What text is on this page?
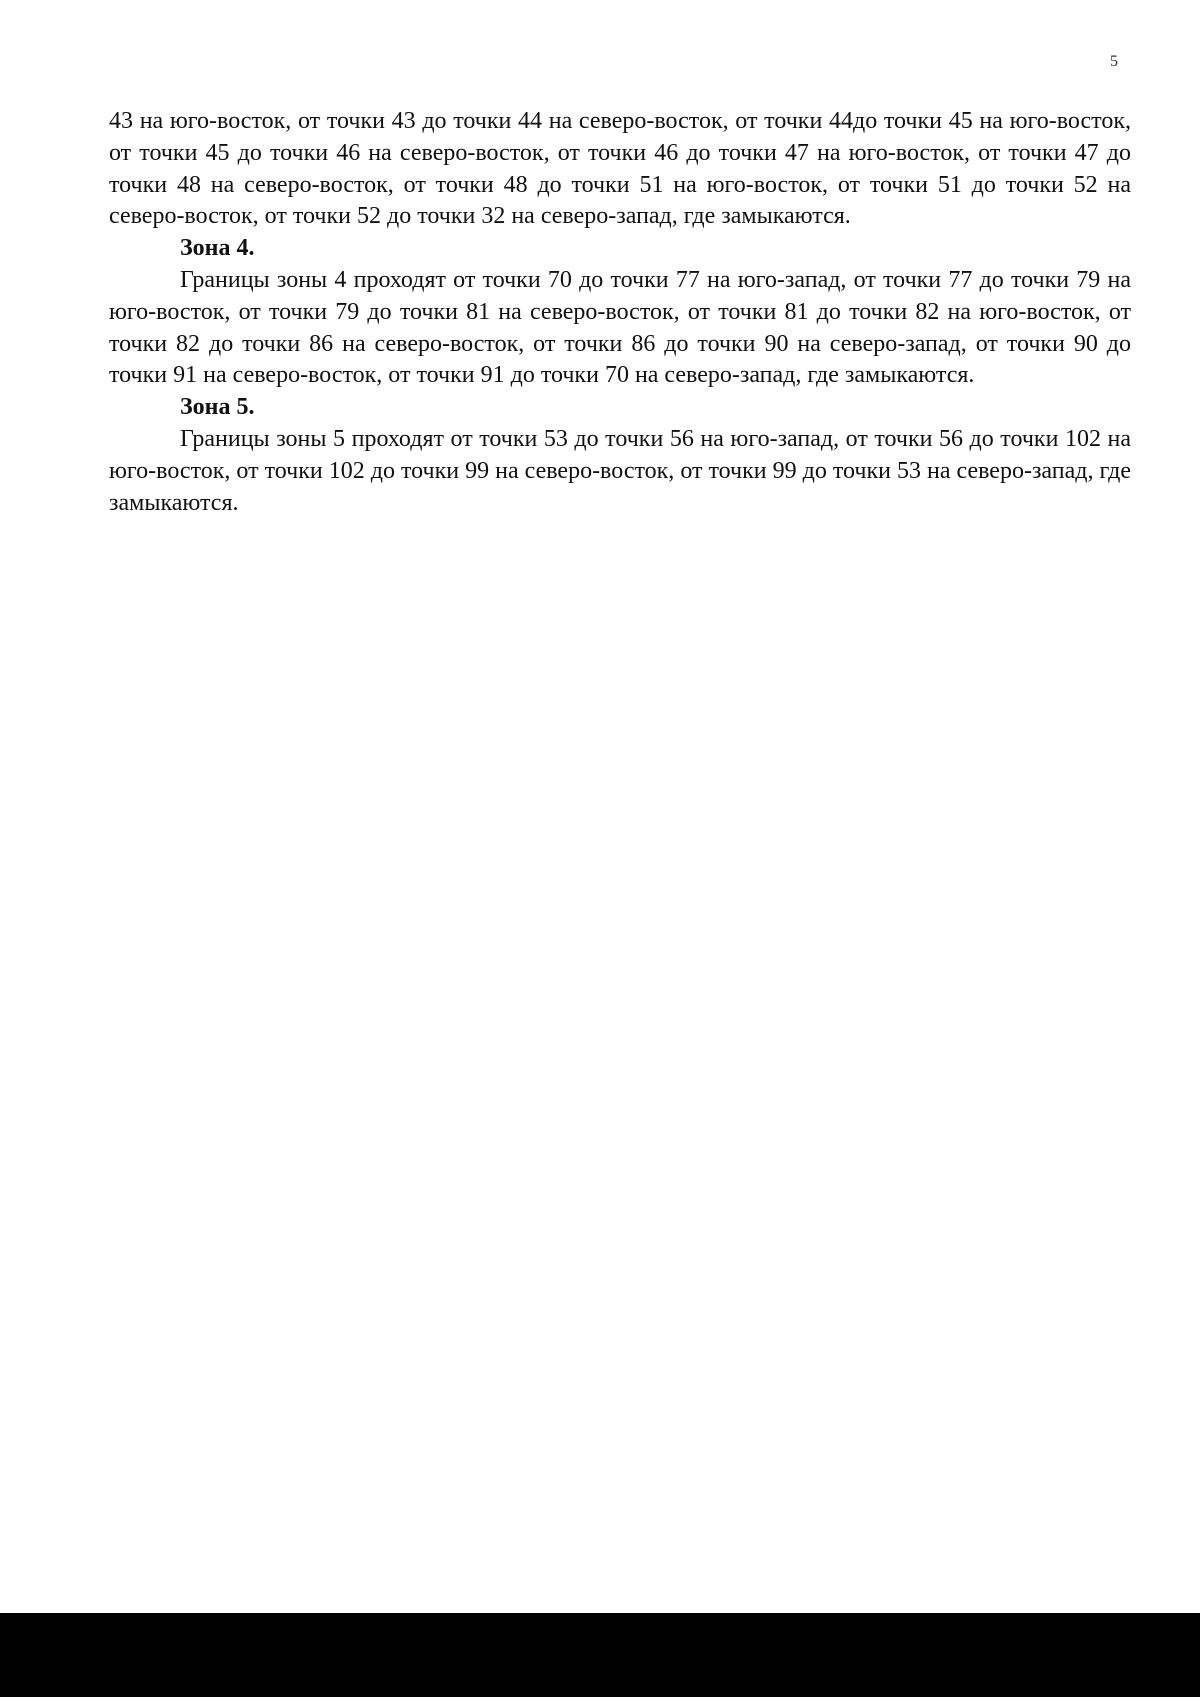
5

43 на юго-восток, от точки 43 до точки 44 на северо-восток, от точки 44до точки 45 на юго-восток, от точки 45 до точки 46 на северо-восток, от точки 46 до точки 47 на юго-восток, от точки 47 до точки 48 на северо-восток, от точки 48 до точки 51 на юго-восток, от точки 51 до точки 52 на северо-восток, от точки 52 до точки 32 на северо-запад, где замыкаются.

Зона 4.

Границы зоны 4 проходят от точки 70 до точки 77 на юго-запад, от точки 77 до точки 79 на юго-восток, от точки 79 до точки 81 на северо-восток, от точки 81 до точки 82 на юго-восток, от точки 82 до точки 86 на северо-восток, от точки 86 до точки 90 на северо-запад, от точки 90 до точки 91 на северо-восток, от точки 91 до точки 70 на северо-запад, где замыкаются.

Зона 5.

Границы зоны 5 проходят от точки 53 до точки 56 на юго-запад, от точки 56 до точки 102 на юго-восток, от точки 102 до точки 99 на северо-восток, от точки 99 до точки 53 на северо-запад, где замыкаются.
